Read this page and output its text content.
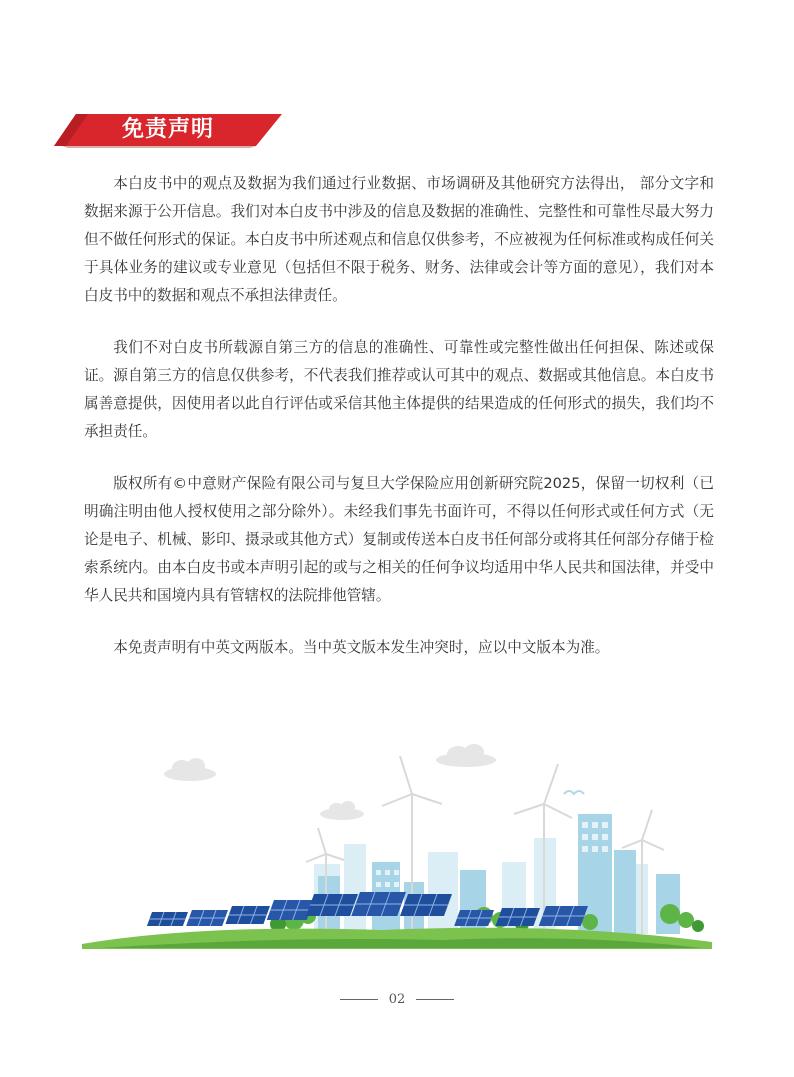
免责声明

本白皮书中的观点及数据为我们通过行业数据、市场调研及其他研究方法得出， 部分文字和数据来源于公开信息。我们对本白皮书中涉及的信息及数据的准确性、完整性和可靠性尽最大努力但不做任何形式的保证。本白皮书中所述观点和信息仅供参考，不应被视为任何标准或构成任何关于具体业务的建议或专业意见（包括但不限于税务、财务、法律或会计等方面的意见），我们对本白皮书中的数据和观点不承担法律责任。

我们不对白皮书所载源自第三方的信息的准确性、可靠性或完整性做出任何担保、陈述或保证。源自第三方的信息仅供参考，不代表我们推荐或认可其中的观点、数据或其他信息。本白皮书属善意提供，因使用者以此自行评估或采信其他主体提供的结果造成的任何形式的损失，我们均不承担责任。

版权所有©中意财产保险有限公司与复旦大学保险应用创新研究院2025，保留一切权利（已明确注明由他人授权使用之部分除外）。未经我们事先书面许可，不得以任何形式或任何方式（无论是电子、机械、影印、摄录或其他方式）复制或传送本白皮书任何部分或将其任何部分存储于检索系统内。由本白皮书或本声明引起的或与之相关的任何争议均适用中华人民共和国法律，并受中华人民共和国境内具有管辖权的法院排他管辖。

本免责声明有中英文两版本。当中英文版本发生冲突时，应以中文版本为准。

02
